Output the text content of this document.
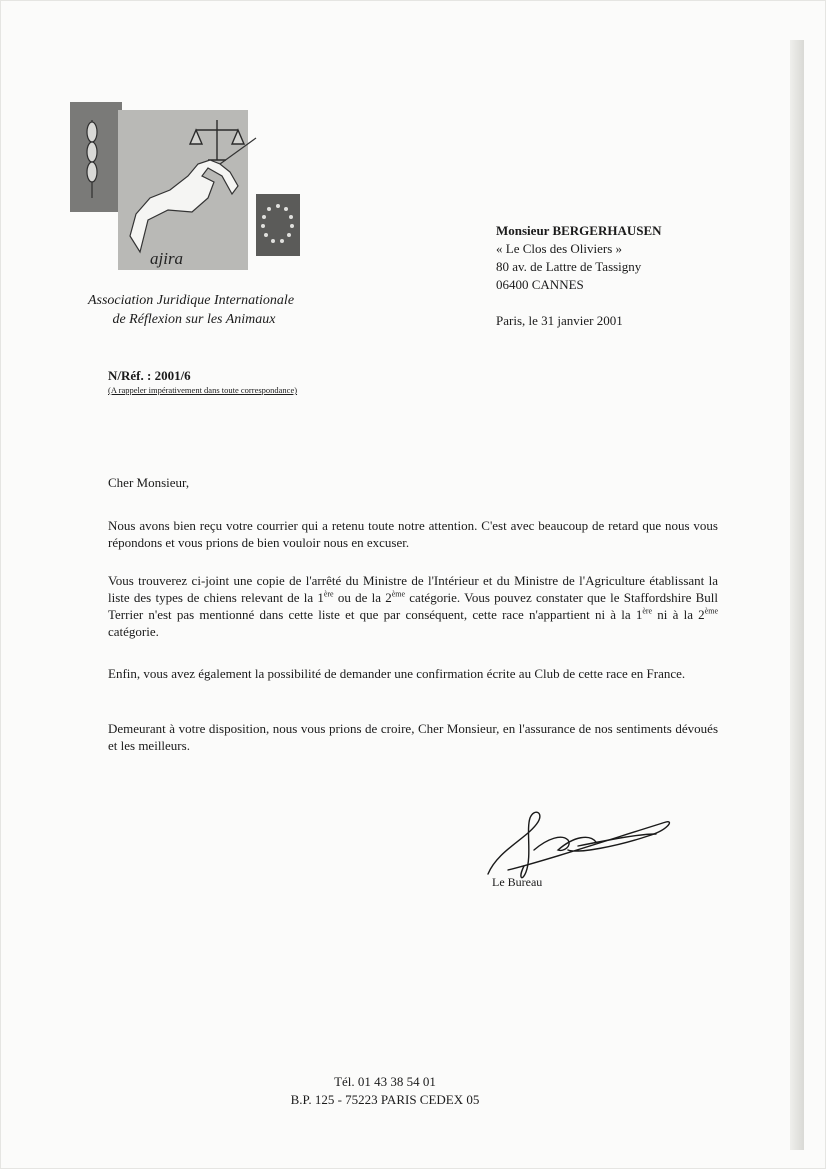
ajira
Association Juridique Internationale
de Réflexion sur les Animaux
Monsieur BERGERHAUSEN
« Le Clos des Oliviers »
80 av. de Lattre de Tassigny
06400 CANNES
Paris, le 31 janvier 2001
N/Réf. : 2001/6
(A rappeler impérativement dans toute correspondance)
Cher Monsieur,
Nous avons bien reçu votre courrier qui a retenu toute notre attention. C'est avec beaucoup de retard que nous vous répondons et vous prions de bien vouloir nous en excuser.
Vous trouverez ci-joint une copie de l'arrêté du Ministre de l'Intérieur et du Ministre de l'Agriculture établissant la liste des types de chiens relevant de la 1ère ou de la 2ème catégorie. Vous pouvez constater que le Staffordshire Bull Terrier n'est pas mentionné dans cette liste et que par conséquent, cette race n'appartient ni à la 1ère ni à la 2ème catégorie.
Enfin, vous avez également la possibilité de demander une confirmation écrite au Club de cette race en France.
Demeurant à votre disposition, nous vous prions de croire, Cher Monsieur, en l'assurance de nos sentiments dévoués et les meilleurs.
Le Bureau
Tél. 01 43 38 54 01
B.P. 125 - 75223 PARIS CEDEX 05
